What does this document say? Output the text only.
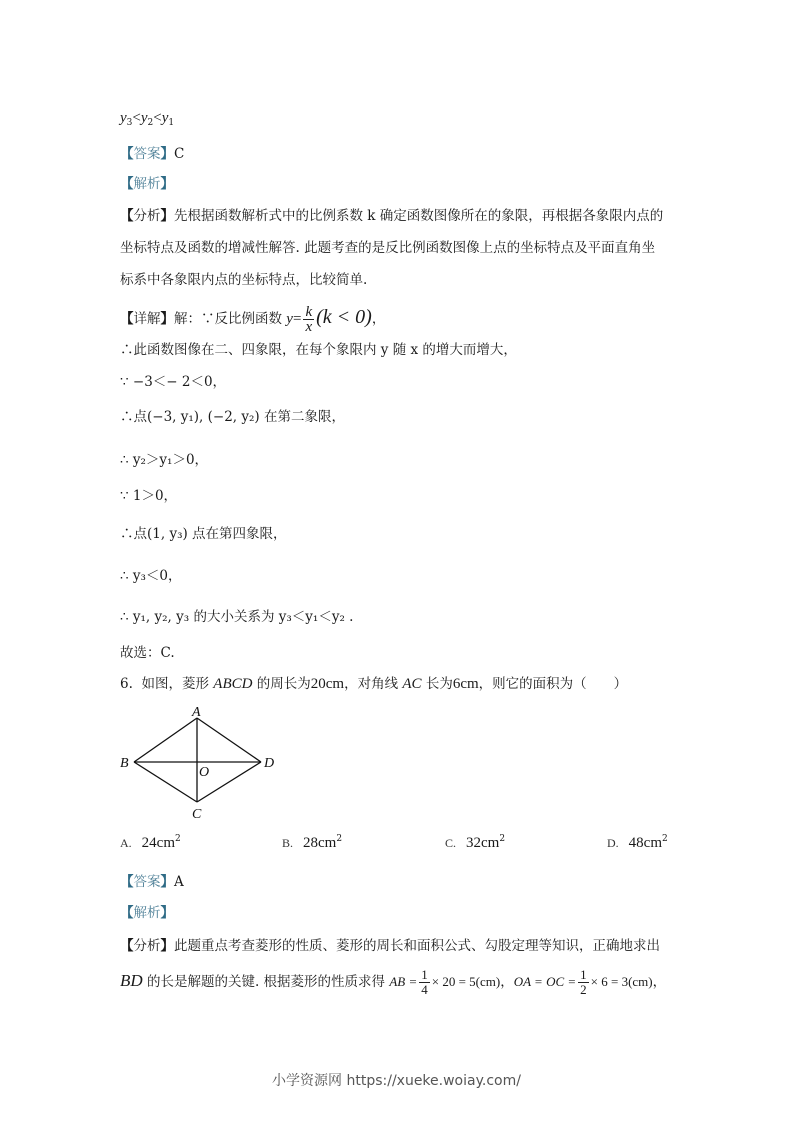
$y_3<y_2<y_1$
【答案】C
【解析】
【分析】先根据函数解析式中的比例系数 k 确定函数图像所在的象限，再根据各象限内点的
坐标特点及函数的增减性解答. 此题考查的是反比例函数图像上点的坐标特点及平面直角坐
标系中各象限内点的坐标特点，比较简单.
【详解】解：∵反比例函数 $y= \frac{k}{x} (k < 0)$，
∴此函数图像在二、四象限，在每个象限内 y 随 x 的增大而增大，
∵ −3＜− 2＜0，
∴点(−3, y₁), (−2, y₂) 在第二象限，
∴ y₂＞y₁＞0，
∵ 1＞0，
∴点(1, y₃) 点在第四象限，
∴ y₃＜0，
∴ y₁, y₂, y₃ 的大小关系为 y₃＜y₁＜y₂ .
故选：C.
6. 如图，菱形 ABCD 的周长为20cm，对角线 AC 长为6cm，则它的面积为（　　）
A
B	D
C
O
A. $24cm^2$	B. $28cm^2$	C. $32cm^2$	D. $48cm^2$
【答案】A
【解析】
【分析】此题重点考查菱形的性质、菱形的周长和面积公式、勾股定理等知识，正确地求出
BD 的长是解题的关键. 根据菱形的性质求得 AB = $\frac{1}{4} \times 20 = 5(cm)$，OA = OC = $\frac{1}{2} \times 6 = 3(cm)$，
小学资源网 https://xueke.woiay.com/
